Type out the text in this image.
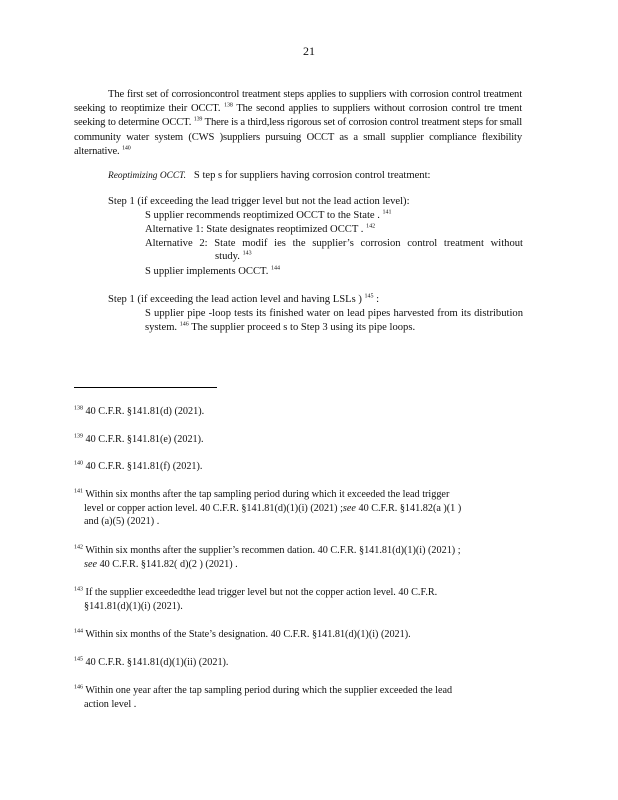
21
The first set of corrosioncontrol treatment steps applies to suppliers with corrosion control treatment seeking to reoptimize their OCCT. $^{138}$ The second applies to suppliers without corrosion control tre tment seeking to determine OCCT. $^{139}$ There is a third,less rigorous set of corrosion control treatment steps for small community water system (CWS )suppliers pursuing OCCT as a small supplier compliance flexibility alternative. $^{140}$
Reoptimizing OCCT. S tep s for suppliers having corrosion control treatment:
Step 1 (if exceeding the lead trigger level but not the lead action level):
S upplier recommends reoptimized OCCT to the State . $^{141}$
Alternative 1: State designates reoptimized OCCT . $^{142}$
Alternative 2: State modif ies the supplier’s corrosion control treatment without
study. $^{143}$
S upplier implements OCCT. $^{144}$
Step 1 (if exceeding the lead action level and having LSLs ) $^{145}$ :
S upplier pipe -loop tests its finished water on lead pipes harvested from its distribution system. $^{146}$ The supplier proceed s to Step 3 using its pipe loops.
$^{138}$ 40 C.F.R. §141.81(d) (2021).
$^{139}$ 40 C.F.R. §141.81(e) (2021).
$^{140}$ 40 C.F.R. §141.81(f) (2021).
$^{141}$ Within six months after the tap sampling period during which it exceeded the lead trigger
level or copper action level. 40 C.F.R. §141.81(d)(1)(i) (2021) ;see 40 C.F.R. §141.82(a )(1 )
and (a)(5) (2021) .
$^{142}$ Within six months after the supplier’s recommen dation. 40 C.F.R. §141.81(d)(1)(i) (2021) ;
see 40 C.F.R. §141.82( d)(2 ) (2021) .
$^{143}$ If the supplier exceededthe lead trigger level but not the copper action level. 40 C.F.R.
§141.81(d)(1)(i) (2021).
$^{144}$ Within six months of the State’s designation. 40 C.F.R. §141.81(d)(1)(i) (2021).
$^{145}$ 40 C.F.R. §141.81(d)(1)(ii) (2021).
$^{146}$ Within one year after the tap sampling period during which the supplier exceeded the lead
action level .
